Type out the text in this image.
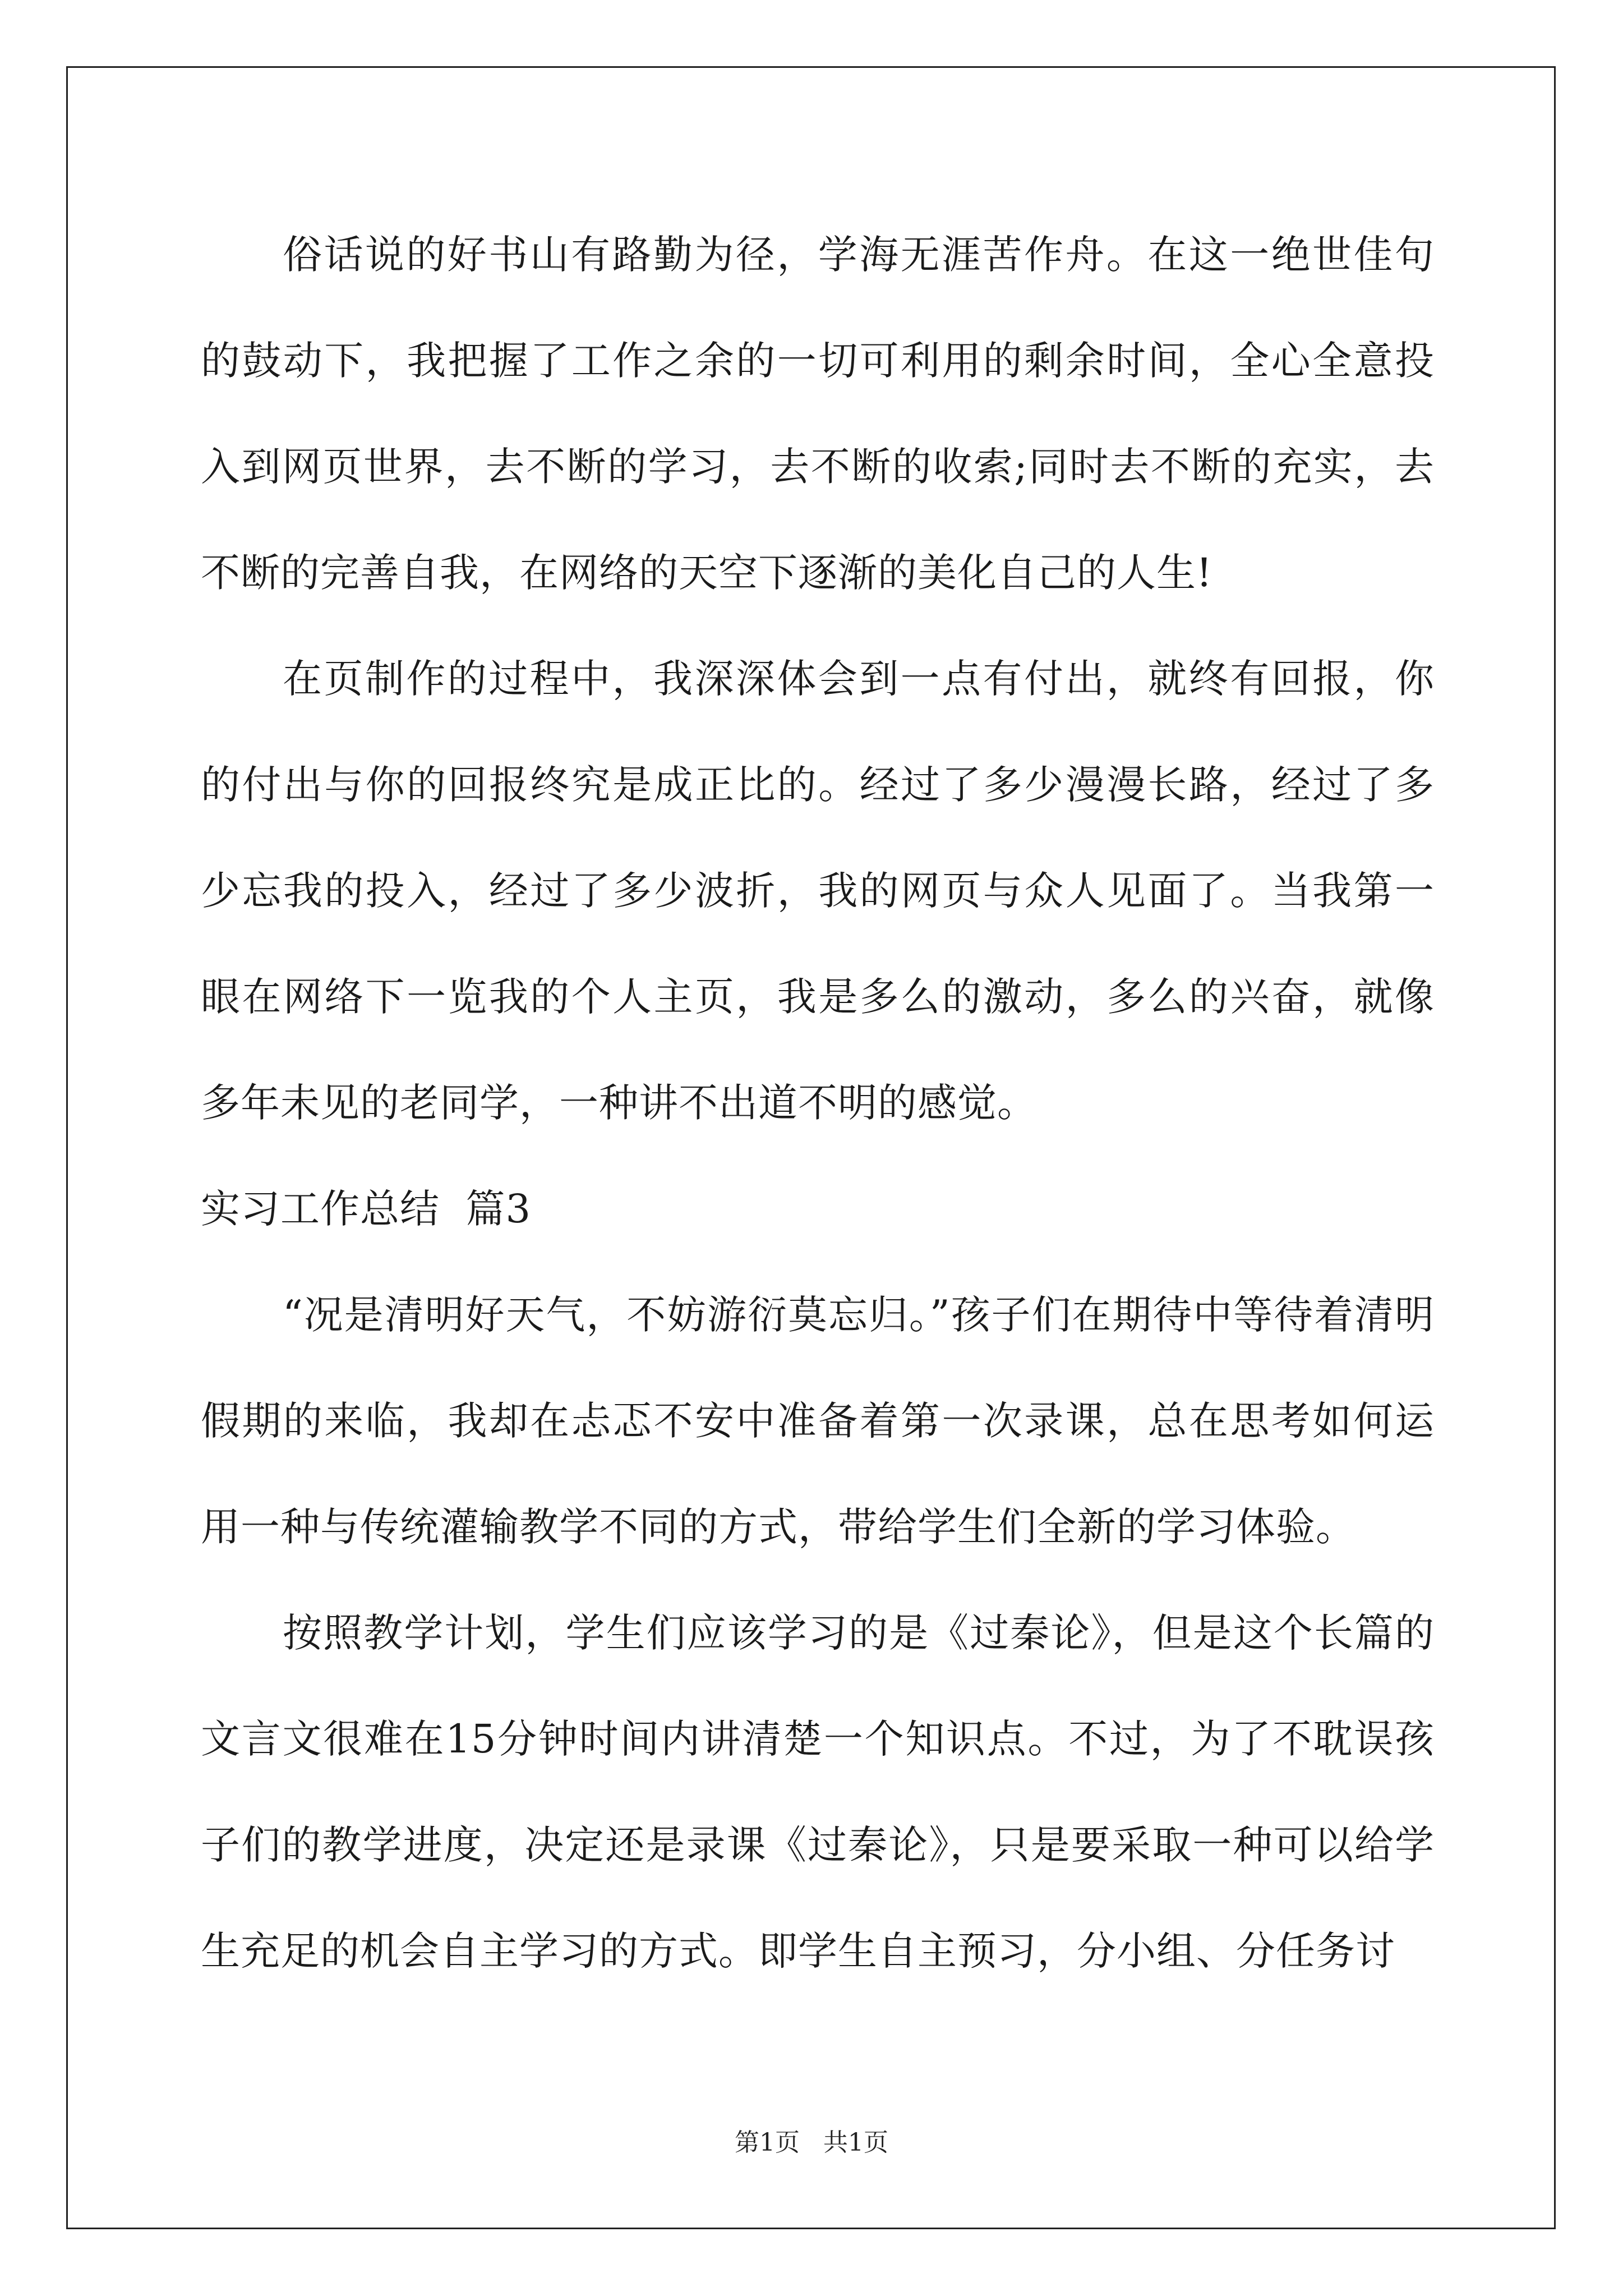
俗话说的好书山有路勤为径，学海无涯苦作舟。在这一绝世佳句的鼓动下，我把握了工作之余的一切可利用的剩余时间，全心全意投入到网页世界，去不断的学习，去不断的收索;同时去不断的充实，去不断的完善自我，在网络的天空下逐渐的美化自己的人生!

在页制作的过程中，我深深体会到一点有付出，就终有回报，你的付出与你的回报终究是成正比的。经过了多少漫漫长路，经过了多少忘我的投入，经过了多少波折，我的网页与众人见面了。当我第一眼在网络下一览我的个人主页，我是多么的激动，多么的兴奋，就像多年未见的老同学，一种讲不出道不明的感觉。

实习工作总结  篇3

“况是清明好天气，不妨游衍莫忘归。”孩子们在期待中等待着清明假期的来临，我却在忐忑不安中准备着第一次录课，总在思考如何运用一种与传统灌输教学不同的方式，带给学生们全新的学习体验。

按照教学计划，学生们应该学习的是《过秦论》，但是这个长篇的文言文很难在15分钟时间内讲清楚一个知识点。不过，为了不耽误孩子们的教学进度，决定还是录课《过秦论》，只是要采取一种可以给学生充足的机会自主学习的方式。即学生自主预习，分小组、分任务讨

第1页   共1页
